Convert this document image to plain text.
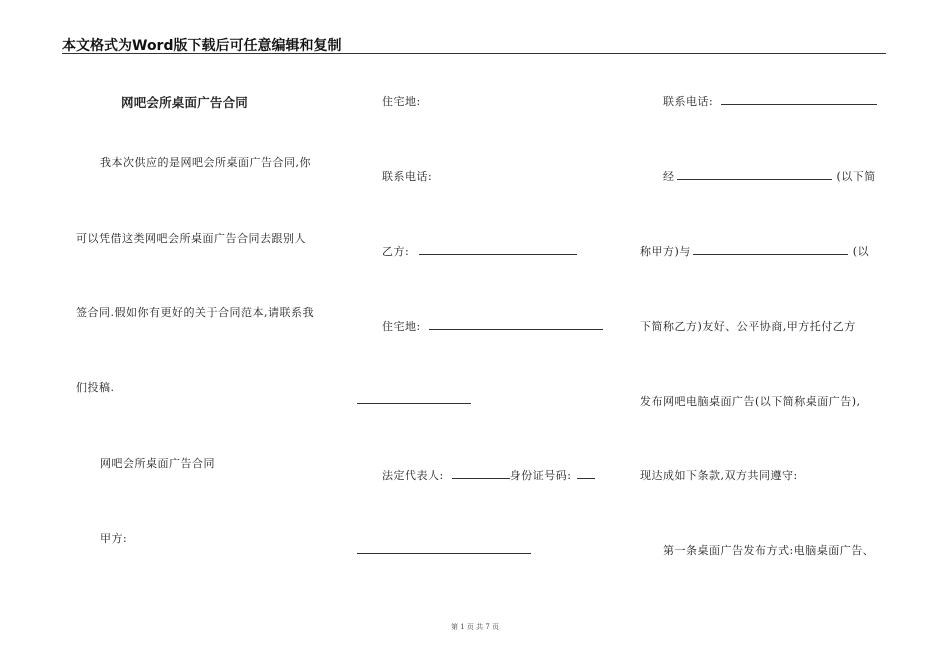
本文格式为Word版下载后可任意编辑和复制
网吧会所桌面广告合同
我本次供应的是网吧会所桌面广告合同,你
可以凭借这类网吧会所桌面广告合同去跟别人
签合同.假如你有更好的关于合同范本,请联系我
们投稿.
网吧会所桌面广告合同
甲方:
住宅地:
联系电话:
乙方:
住宅地:
法定代表人:	身份证号码:
联系电话:
经	(以下简
称甲方)与	(以
下简称乙方)友好、公平协商,甲方托付乙方
发布网吧电脑桌面广告(以下简称桌面广告),
现达成如下条款,双方共同遵守:
第一条桌面广告发布方式:电脑桌面广告、
第 1 页 共 7 页
